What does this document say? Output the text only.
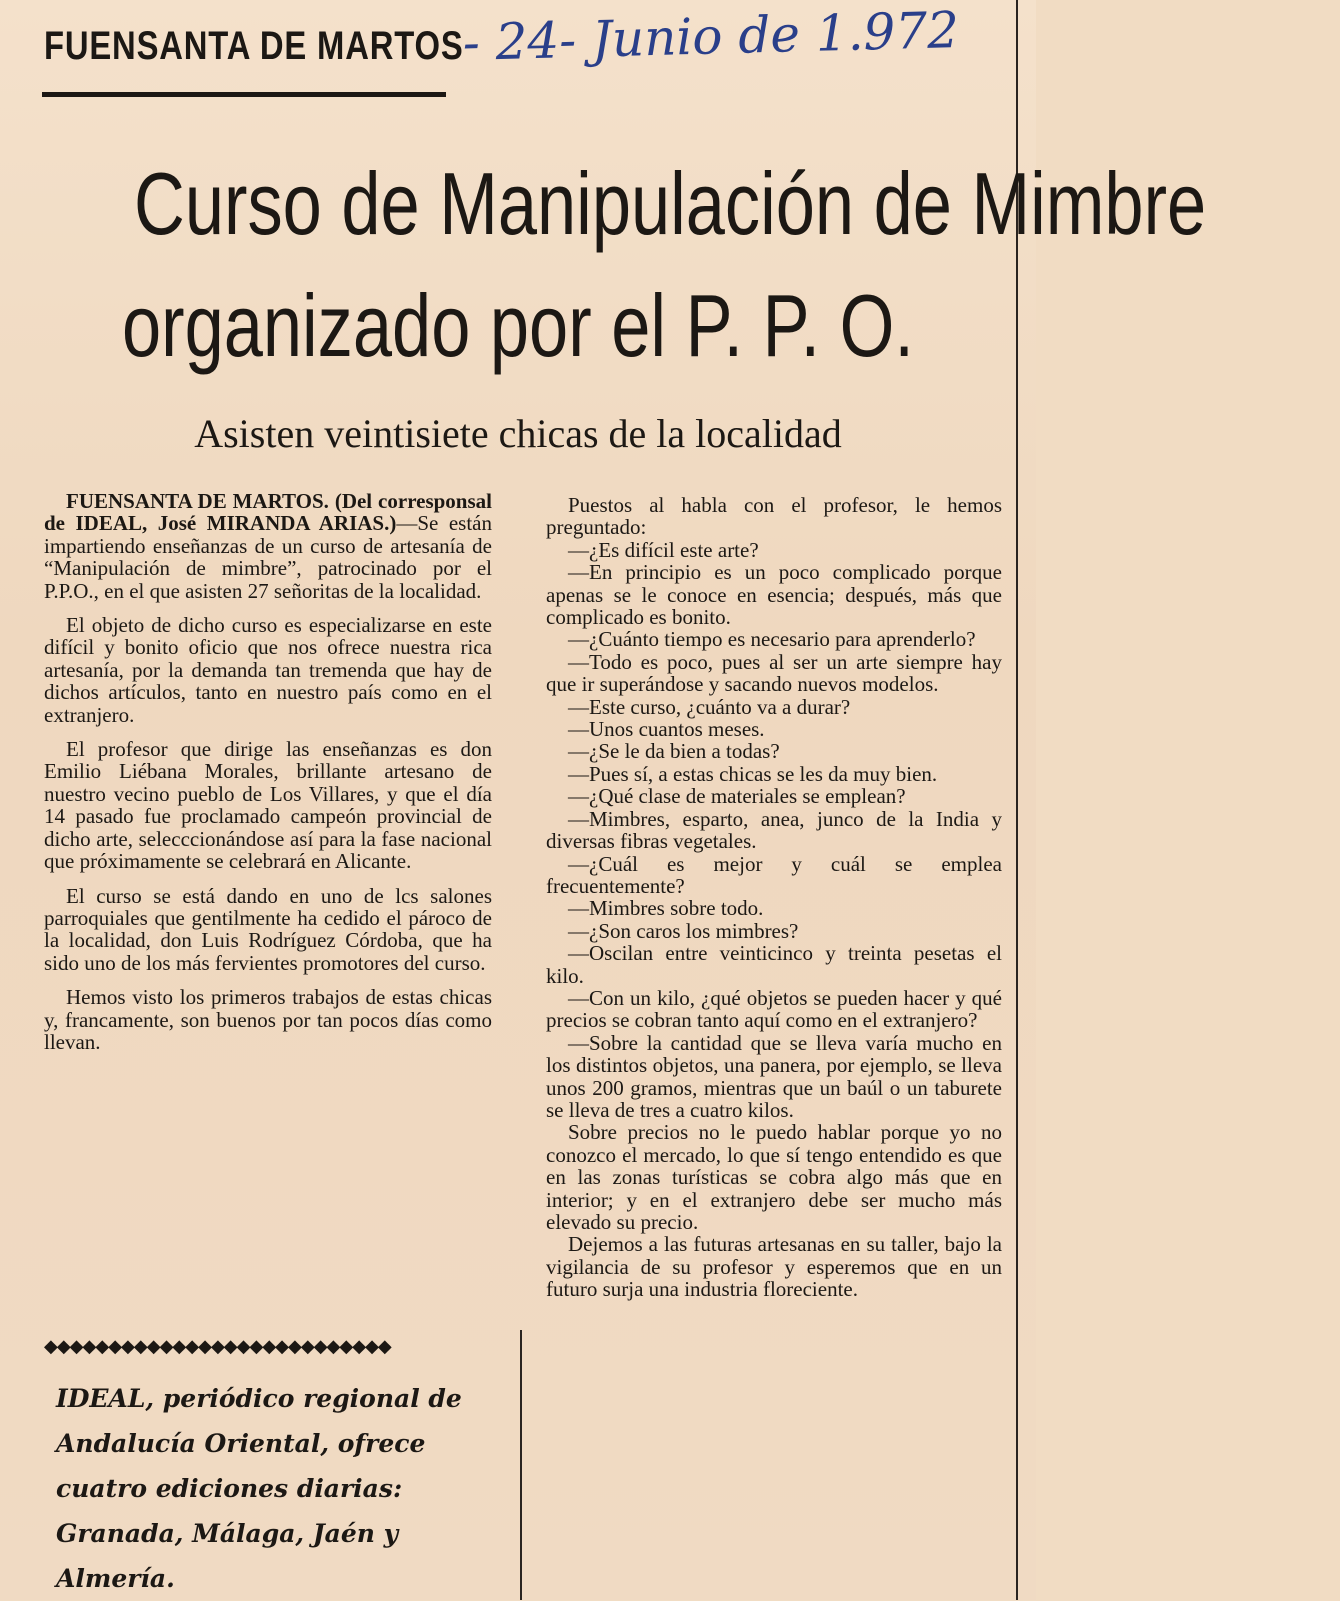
FUENSANTA DE MARTOS
- 24- Junio de 1.972
Curso de Manipulación de Mimbre
organizado por el P. P. O.
Asisten veintisiete chicas de la localidad

FUENSANTA DE MARTOS. (Del corresponsal de IDEAL, José MIRANDA ARIAS.)—Se están impartiendo enseñanzas de un curso de artesanía de “Manipulación de mimbre”, patrocinado por el P.P.O., en el que asisten 27 señoritas de la localidad.

El objeto de dicho curso es especializarse en este difícil y bonito oficio que nos ofrece nuestra rica artesanía, por la demanda tan tremenda que hay de dichos artículos, tanto en nuestro país como en el extranjero.

El profesor que dirige las enseñanzas es don Emilio Liébana Morales, brillante artesano de nuestro vecino pueblo de Los Villares, y que el día 14 pasado fue proclamado campeón provincial de dicho arte, selecccionándose así para la fase nacional que próximamente se celebrará en Alicante.

El curso se está dando en uno de lcs salones parroquiales que gentilmente ha cedido el pároco de la localidad, don Luis Rodríguez Córdoba, que ha sido uno de los más fervientes promotores del curso.

Hemos visto los primeros trabajos de estas chicas y, francamente, son buenos por tan pocos días como llevan.

Puestos al habla con el profesor, le hemos preguntado:

—¿Es difícil este arte?

—En principio es un poco complicado porque apenas se le conoce en esencia; después, más que complicado es bonito.

—¿Cuánto tiempo es necesario para aprenderlo?

—Todo es poco, pues al ser un arte siempre hay que ir superándose y sacando nuevos modelos.

—Este curso, ¿cuánto va a durar?

—Unos cuantos meses.

—¿Se le da bien a todas?

—Pues sí, a estas chicas se les da muy bien.

—¿Qué clase de materiales se emplean?

—Mimbres, esparto, anea, junco de la India y diversas fibras vegetales.

—¿Cuál es mejor y cuál se emplea frecuentemente?

—Mimbres sobre todo.

—¿Son caros los mimbres?

—Oscilan entre veinticinco y treinta pesetas el kilo.

—Con un kilo, ¿qué objetos se pueden hacer y qué precios se cobran tanto aquí como en el extranjero?

—Sobre la cantidad que se lleva varía mucho en los distintos objetos, una panera, por ejemplo, se lleva unos 200 gramos, mientras que un baúl o un taburete se lleva de tres a cuatro kilos.

Sobre precios no le puedo hablar porque yo no conozco el mercado, lo que sí tengo entendido es que en las zonas turísticas se cobra algo más que en interior; y en el extranjero debe ser mucho más elevado su precio.

Dejemos a las futuras artesanas en su taller, bajo la vigilancia de su profesor y esperemos que en un futuro surja una industria floreciente.

◆◆◆◆◆◆◆◆◆◆◆◆◆◆◆◆◆◆◆◆◆◆◆◆◆◆◆
IDEAL, periódico regional de Andalucía Oriental, ofrece cuatro ediciones diarias: Granada, Málaga, Jaén y Almería.
